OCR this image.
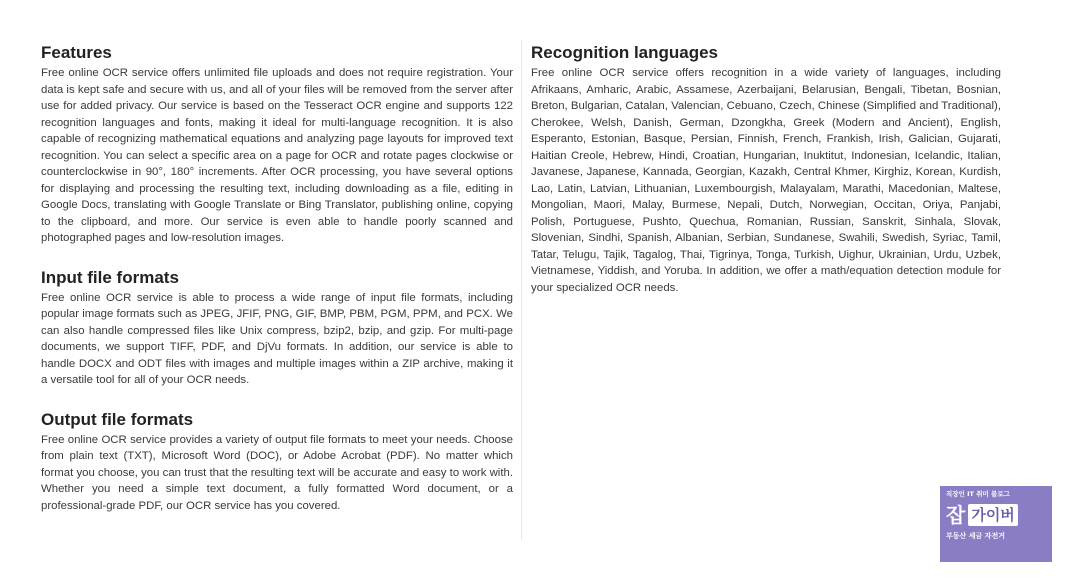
Features

Free online OCR service offers unlimited file uploads and does not require registration. Your data is kept safe and secure with us, and all of your files will be removed from the server after use for added privacy. Our service is based on the Tesseract OCR engine and supports 122 recognition languages and fonts, making it ideal for multi-language recognition. It is also capable of recognizing mathematical equations and analyzing page layouts for improved text recognition. You can select a specific area on a page for OCR and rotate pages clockwise or counterclockwise in 90°, 180° increments. After OCR processing, you have several options for displaying and processing the resulting text, including downloading as a file, editing in Google Docs, translating with Google Translate or Bing Translator, publishing online, copying to the clipboard, and more. Our service is even able to handle poorly scanned and photographed pages and low-resolution images.

Input file formats

Free online OCR service is able to process a wide range of input file formats, including popular image formats such as JPEG, JFIF, PNG, GIF, BMP, PBM, PGM, PPM, and PCX. We can also handle compressed files like Unix compress, bzip2, bzip, and gzip. For multi-page documents, we support TIFF, PDF, and DjVu formats. In addition, our service is able to handle DOCX and ODT files with images and multiple images within a ZIP archive, making it a versatile tool for all of your OCR needs.

Output file formats

Free online OCR service provides a variety of output file formats to meet your needs. Choose from plain text (TXT), Microsoft Word (DOC), or Adobe Acrobat (PDF). No matter which format you choose, you can trust that the resulting text will be accurate and easy to work with. Whether you need a simple text document, a fully formatted Word document, or a professional-grade PDF, our OCR service has you covered.

Recognition languages

Free online OCR service offers recognition in a wide variety of languages, including Afrikaans, Amharic, Arabic, Assamese, Azerbaijani, Belarusian, Bengali, Tibetan, Bosnian, Breton, Bulgarian, Catalan, Valencian, Cebuano, Czech, Chinese (Simplified and Traditional), Cherokee, Welsh, Danish, German, Dzongkha, Greek (Modern and Ancient), English, Esperanto, Estonian, Basque, Persian, Finnish, French, Frankish, Irish, Galician, Gujarati, Haitian Creole, Hebrew, Hindi, Croatian, Hungarian, Inuktitut, Indonesian, Icelandic, Italian, Javanese, Japanese, Kannada, Georgian, Kazakh, Central Khmer, Kirghiz, Korean, Kurdish, Lao, Latin, Latvian, Lithuanian, Luxembourgish, Malayalam, Marathi, Macedonian, Maltese, Mongolian, Maori, Malay, Burmese, Nepali, Dutch, Norwegian, Occitan, Oriya, Panjabi, Polish, Portuguese, Pushto, Quechua, Romanian, Russian, Sanskrit, Sinhala, Slovak, Slovenian, Sindhi, Spanish, Albanian, Serbian, Sundanese, Swahili, Swedish, Syriac, Tamil, Tatar, Telugu, Tajik, Tagalog, Thai, Tigrinya, Tonga, Turkish, Uighur, Ukrainian, Urdu, Uzbek, Vietnamese, Yiddish, and Yoruba. In addition, we offer a math/equation detection module for your specialized OCR needs.

직장인 IT 취미 블로그
잡 가이버
부동산 세금 자전거
